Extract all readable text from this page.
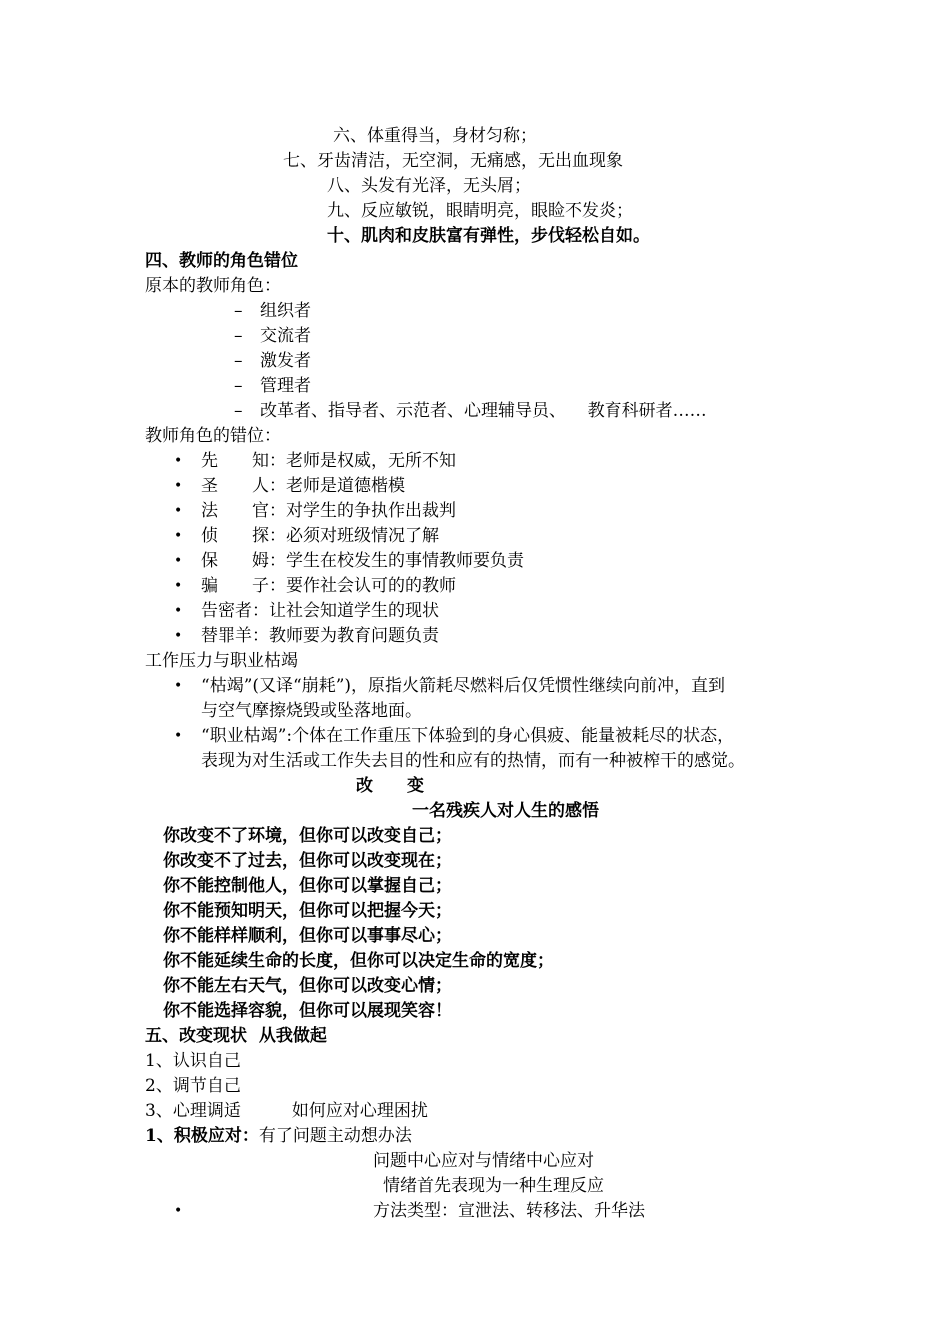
六、体重得当，身材匀称；
七、牙齿清洁，无空洞，无痛感，无出血现象
八、头发有光泽，无头屑；
九、反应敏锐，眼睛明亮，眼睑不发炎；
十、肌肉和皮肤富有弹性，步伐轻松自如。
四、教师的角色错位
原本的教师角色：
– 组织者
– 交流者
– 激发者
– 管理者
– 改革者、指导者、示范者、心理辅导员、    教育科研者……
教师角色的错位：
• 先　　知：老师是权威，无所不知
• 圣　　人：老师是道德楷模
• 法　　官：对学生的争执作出裁判
• 侦　　探：必须对班级情况了解
• 保　　姆：学生在校发生的事情教师要负责
• 骗　　子：要作社会认可的的教师
• 告密者：让社会知道学生的现状
• 替罪羊：教师要为教育问题负责
工作压力与职业枯竭
• “枯竭”(又译“崩耗”)，原指火箭耗尽燃料后仅凭惯性继续向前冲，直到
与空气摩擦烧毁或坠落地面。
• “职业枯竭”:个体在工作重压下体验到的身心俱疲、能量被耗尽的状态，
表现为对生活或工作失去目的性和应有的热情，而有一种被榨干的感觉。
改　　变
一名残疾人对人生的感悟
你改变不了环境，但你可以改变自己；
你改变不了过去，但你可以改变现在；
你不能控制他人，但你可以掌握自己；
你不能预知明天，但你可以把握今天；
你不能样样顺利，但你可以事事尽心；
你不能延续生命的长度，但你可以决定生命的宽度；
你不能左右天气，但你可以改变心情；
你不能选择容貌，但你可以展现笑容！
五、改变现状  从我做起
1、认识自己
2、调节自己
3、心理调适　　　如何应对心理困扰
1、积极应对：有了问题主动想办法
问题中心应对与情绪中心应对
情绪首先表现为一种生理反应
•	方法类型：宣泄法、转移法、升华法
